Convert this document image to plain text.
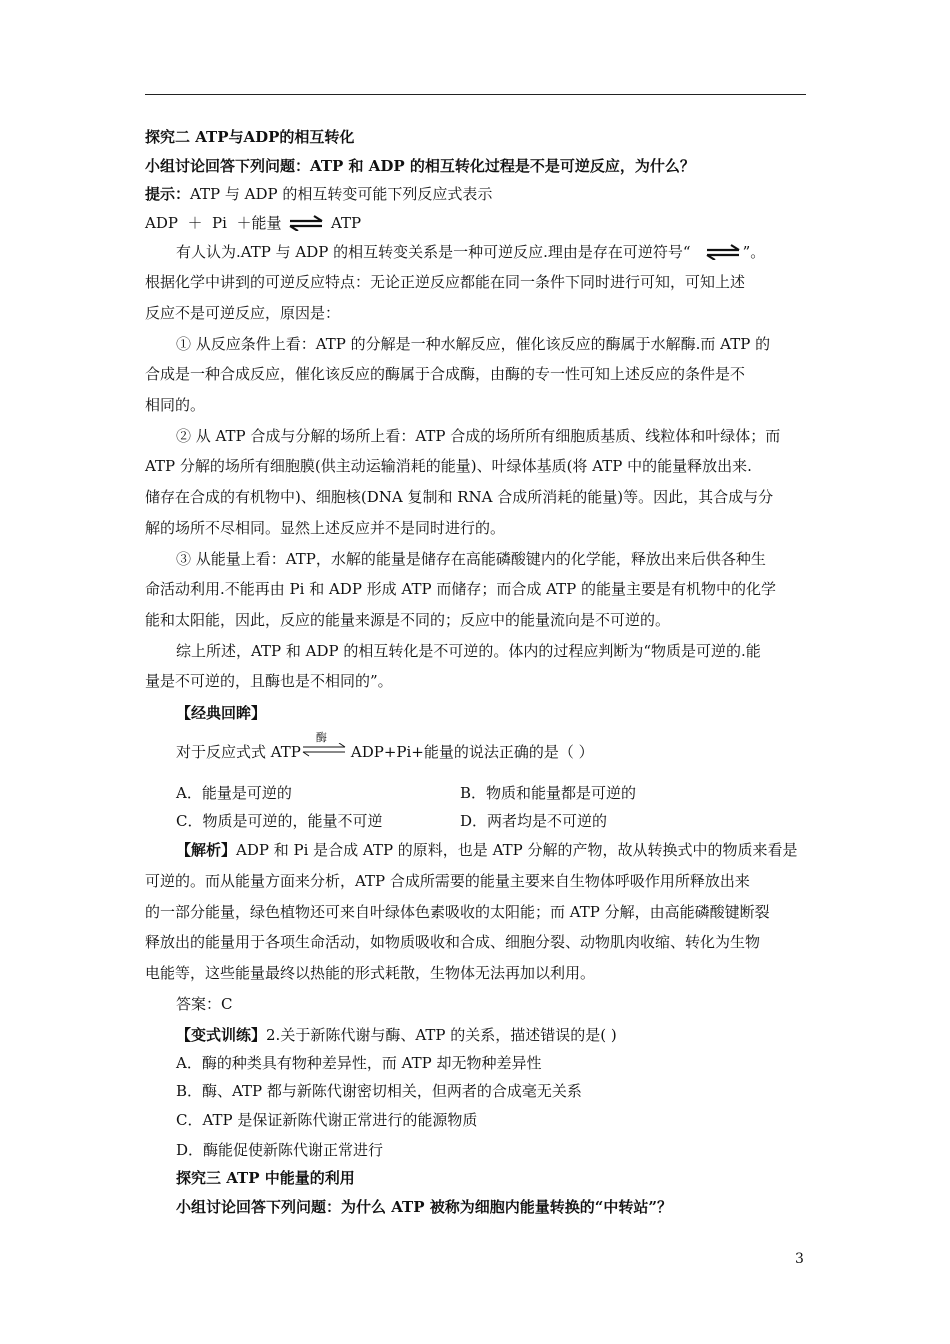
探究二 ATP与ADP的相互转化
小组讨论回答下列问题：ATP 和 ADP 的相互转化过程是不是可逆反应，为什么？
提示：ATP 与 ADP 的相互转变可能下列反应式表示
ADP  ＋  Pi  ＋能量 ⇌ ATP
有人认为.ATP 与 ADP 的相互转变关系是一种可逆反应.理由是存在可逆符号“	”。
根据化学中讲到的可逆反应特点：无论正逆反应都能在同一条件下同时进行可知，可知上述
反应不是可逆反应，原因是：
① 从反应条件上看：ATP 的分解是一种水解反应，催化该反应的酶属于水解酶.而 ATP 的
合成是一种合成反应，催化该反应的酶属于合成酶，由酶的专一性可知上述反应的条件是不
相同的。
② 从 ATP 合成与分解的场所上看：ATP 合成的场所所有细胞质基质、线粒体和叶绿体；而
ATP 分解的场所有细胞膜(供主动运输消耗的能量)、叶绿体基质(将 ATP 中的能量释放出来.
储存在合成的有机物中)、细胞核(DNA 复制和 RNA 合成所消耗的能量)等。因此，其合成与分
解的场所不尽相同。显然上述反应并不是同时进行的。
③ 从能量上看：ATP，水解的能量是储存在高能磷酸键内的化学能，释放出来后供各种生
命活动利用.不能再由 Pi 和 ADP 形成 ATP 而储存；而合成 ATP 的能量主要是有机物中的化学
能和太阳能，因此，反应的能量来源是不同的；反应中的能量流向是不可逆的。
综上所述，ATP 和 ADP 的相互转化是不可逆的。体内的过程应判断为“物质是可逆的.能
量是不可逆的，且酶也是不相同的”。
【经典回眸】
对于反应式式 ATP
酶
ADP+Pi+能量的说法正确的是（ ）
A．能量是可逆的	B．物质和能量都是可逆的
C．物质是可逆的，能量不可逆	D．两者均是不可逆的
【解析】ADP 和 Pi 是合成 ATP 的原料，也是 ATP 分解的产物，故从转换式中的物质来看是
可逆的。而从能量方面来分析，ATP 合成所需要的能量主要来自生物体呼吸作用所释放出来
的一部分能量，绿色植物还可来自叶绿体色素吸收的太阳能；而 ATP 分解，由高能磷酸键断裂
释放出的能量用于各项生命活动，如物质吸收和合成、细胞分裂、动物肌肉收缩、转化为生物
电能等，这些能量最终以热能的形式耗散，生物体无法再加以利用。
答案：C
【变式训练】2.关于新陈代谢与酶、ATP 的关系，描述错误的是( )
A．酶的种类具有物种差异性，而 ATP 却无物种差异性
B．酶、ATP 都与新陈代谢密切相关，但两者的合成毫无关系
C．ATP 是保证新陈代谢正常进行的能源物质
D．酶能促使新陈代谢正常进行
探究三 ATP 中能量的利用
小组讨论回答下列问题：为什么 ATP 被称为细胞内能量转换的“中转站”？
3
